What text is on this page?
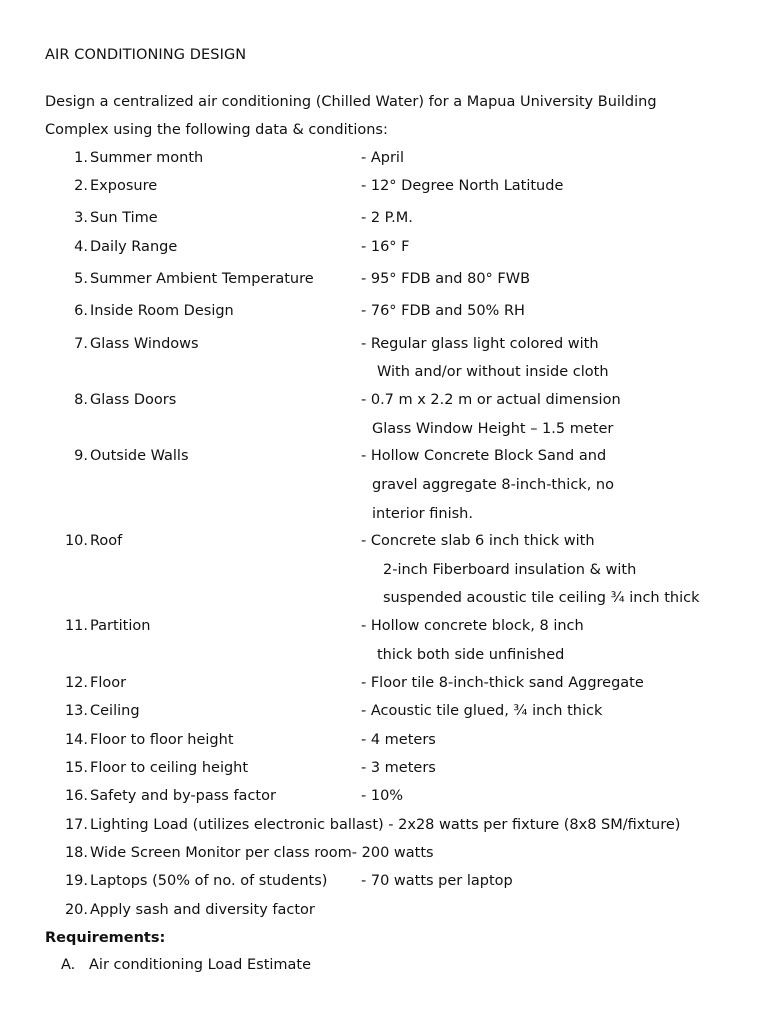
AIR CONDITIONING DESIGN
Design a centralized air conditioning (Chilled Water) for a Mapua University Building
Complex using the following data & conditions:
1. Summer month	- April
2. Exposure	- 12° Degree North Latitude
3. Sun Time	- 2 P.M.
4. Daily Range	- 16° F
5. Summer Ambient Temperature	- 95° FDB and 80° FWB
6. Inside Room Design	- 76° FDB and 50% RH
7. Glass Windows	- Regular glass light colored with
With and/or without inside cloth
8. Glass Doors	- 0.7 m x 2.2 m or actual dimension
Glass Window Height – 1.5 meter
9. Outside Walls	- Hollow Concrete Block Sand and
gravel aggregate 8-inch-thick, no
interior finish.
10. Roof	- Concrete slab 6 inch thick with
2-inch Fiberboard insulation & with
suspended acoustic tile ceiling ¾ inch thick
11. Partition	- Hollow concrete block, 8 inch
thick both side unfinished
12. Floor	- Floor tile 8-inch-thick sand Aggregate
13. Ceiling	- Acoustic tile glued, ¾ inch thick
14. Floor to floor height	- 4 meters
15. Floor to ceiling height	- 3 meters
16. Safety and by-pass factor	- 10%
17. Lighting Load (utilizes electronic ballast) - 2x28 watts per fixture (8x8 SM/fixture)
18. Wide Screen Monitor per class room- 200 watts
19. Laptops (50% of no. of students) - 70 watts per laptop
20. Apply sash and diversity factor
Requirements:
A. Air conditioning Load Estimate
